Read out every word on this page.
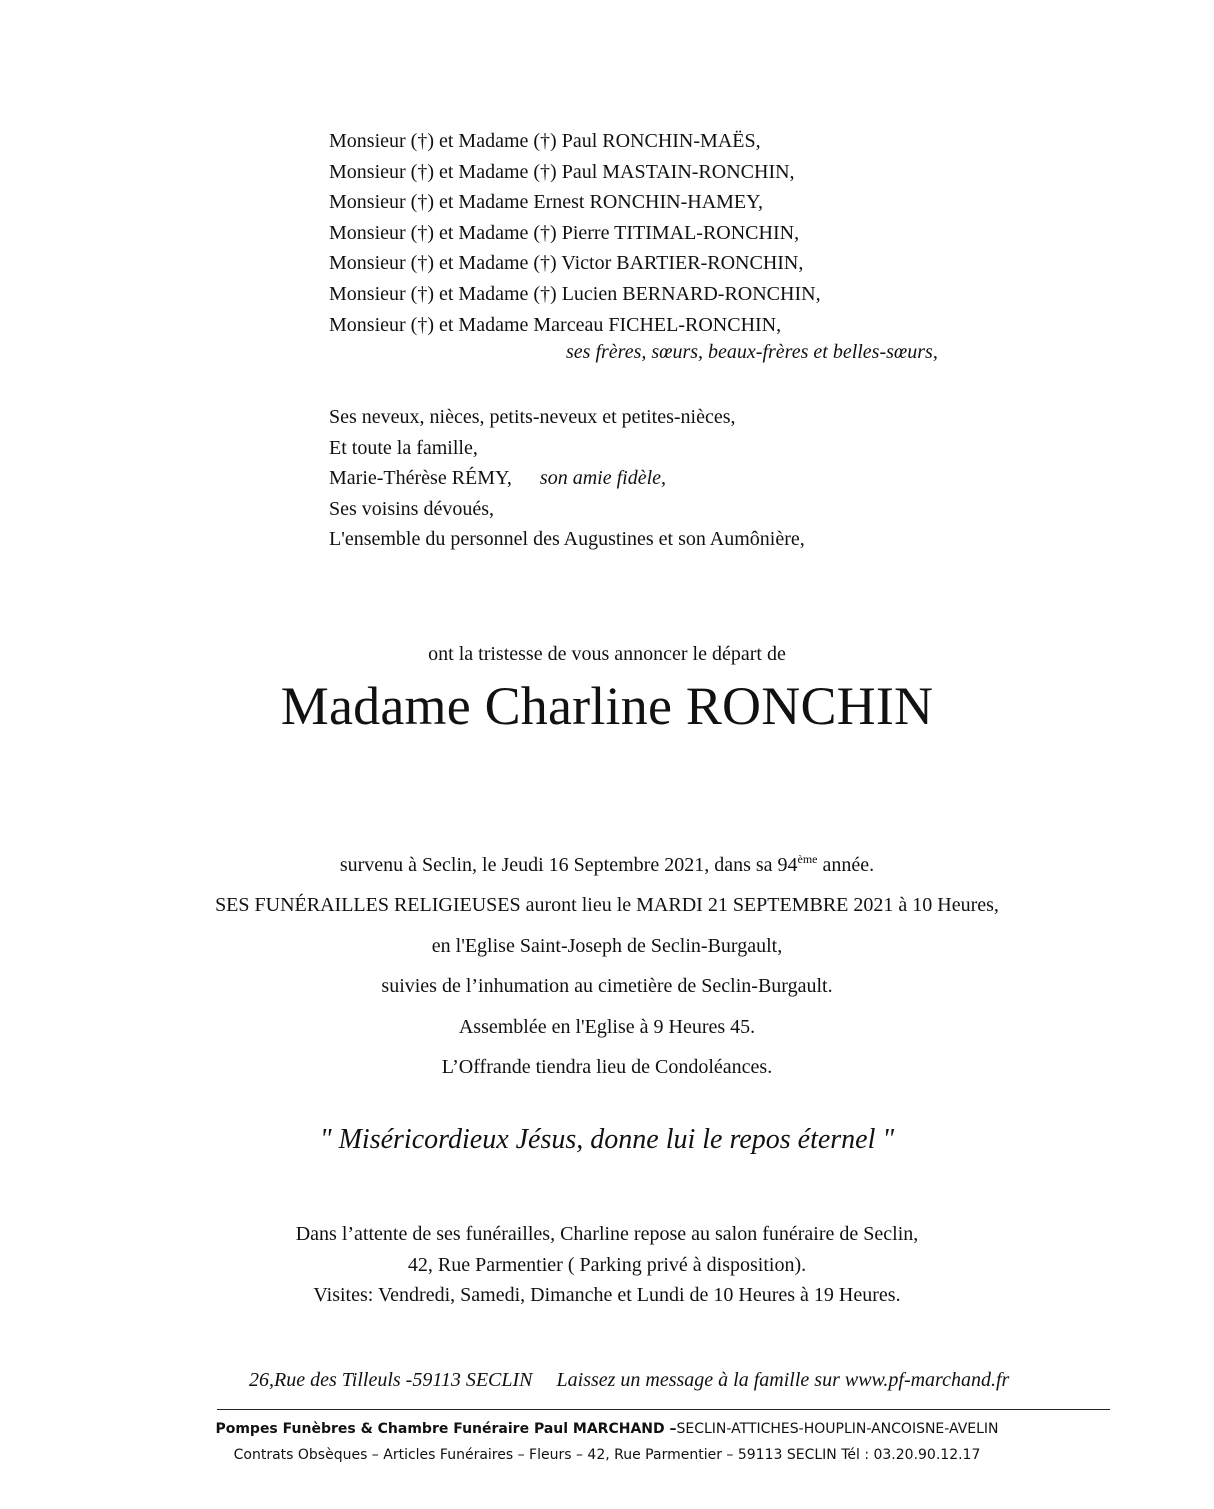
Monsieur (†) et Madame (†) Paul RONCHIN-MAËS,
Monsieur (†) et Madame (†) Paul MASTAIN-RONCHIN,
Monsieur (†) et Madame Ernest RONCHIN-HAMEY,
Monsieur (†) et Madame (†) Pierre TITIMAL-RONCHIN,
Monsieur (†) et Madame (†) Victor BARTIER-RONCHIN,
Monsieur (†) et Madame (†) Lucien BERNARD-RONCHIN,
Monsieur (†) et Madame Marceau FICHEL-RONCHIN,
ses frères, sœurs, beaux-frères et belles-sœurs,
Ses neveux, nièces, petits-neveux et petites-nièces,
Et toute la famille,
Marie-Thérèse RÉMY, son amie fidèle,
Ses voisins dévoués,
L'ensemble du personnel des Augustines et son Aumônière,
ont la tristesse de vous annoncer le départ de
Madame Charline RONCHIN
survenu à Seclin, le Jeudi 16 Septembre 2021, dans sa 94ème année.
SES FUNÉRAILLES RELIGIEUSES auront lieu le MARDI 21 SEPTEMBRE 2021 à 10 Heures,
en l'Eglise Saint-Joseph de Seclin-Burgault,
suivies de l’inhumation au cimetière de Seclin-Burgault.
Assemblée en l'Eglise à 9 Heures 45.
L’Offrande tiendra lieu de Condoléances.
" Miséricordieux Jésus, donne lui le repos éternel "
Dans l’attente de ses funérailles, Charline repose au salon funéraire de Seclin,
42, Rue Parmentier ( Parking privé à disposition).
Visites: Vendredi, Samedi, Dimanche et Lundi de 10 Heures à 19 Heures.
26,Rue des Tilleuls -59113 SECLIN Laissez un message à la famille sur www.pf-marchand.fr
Pompes Funèbres & Chambre Funéraire Paul MARCHAND –SECLIN-ATTICHES-HOUPLIN-ANCOISNE-AVELIN
Contrats Obsèques – Articles Funéraires – Fleurs – 42, Rue Parmentier – 59113 SECLIN Tél : 03.20.90.12.17
